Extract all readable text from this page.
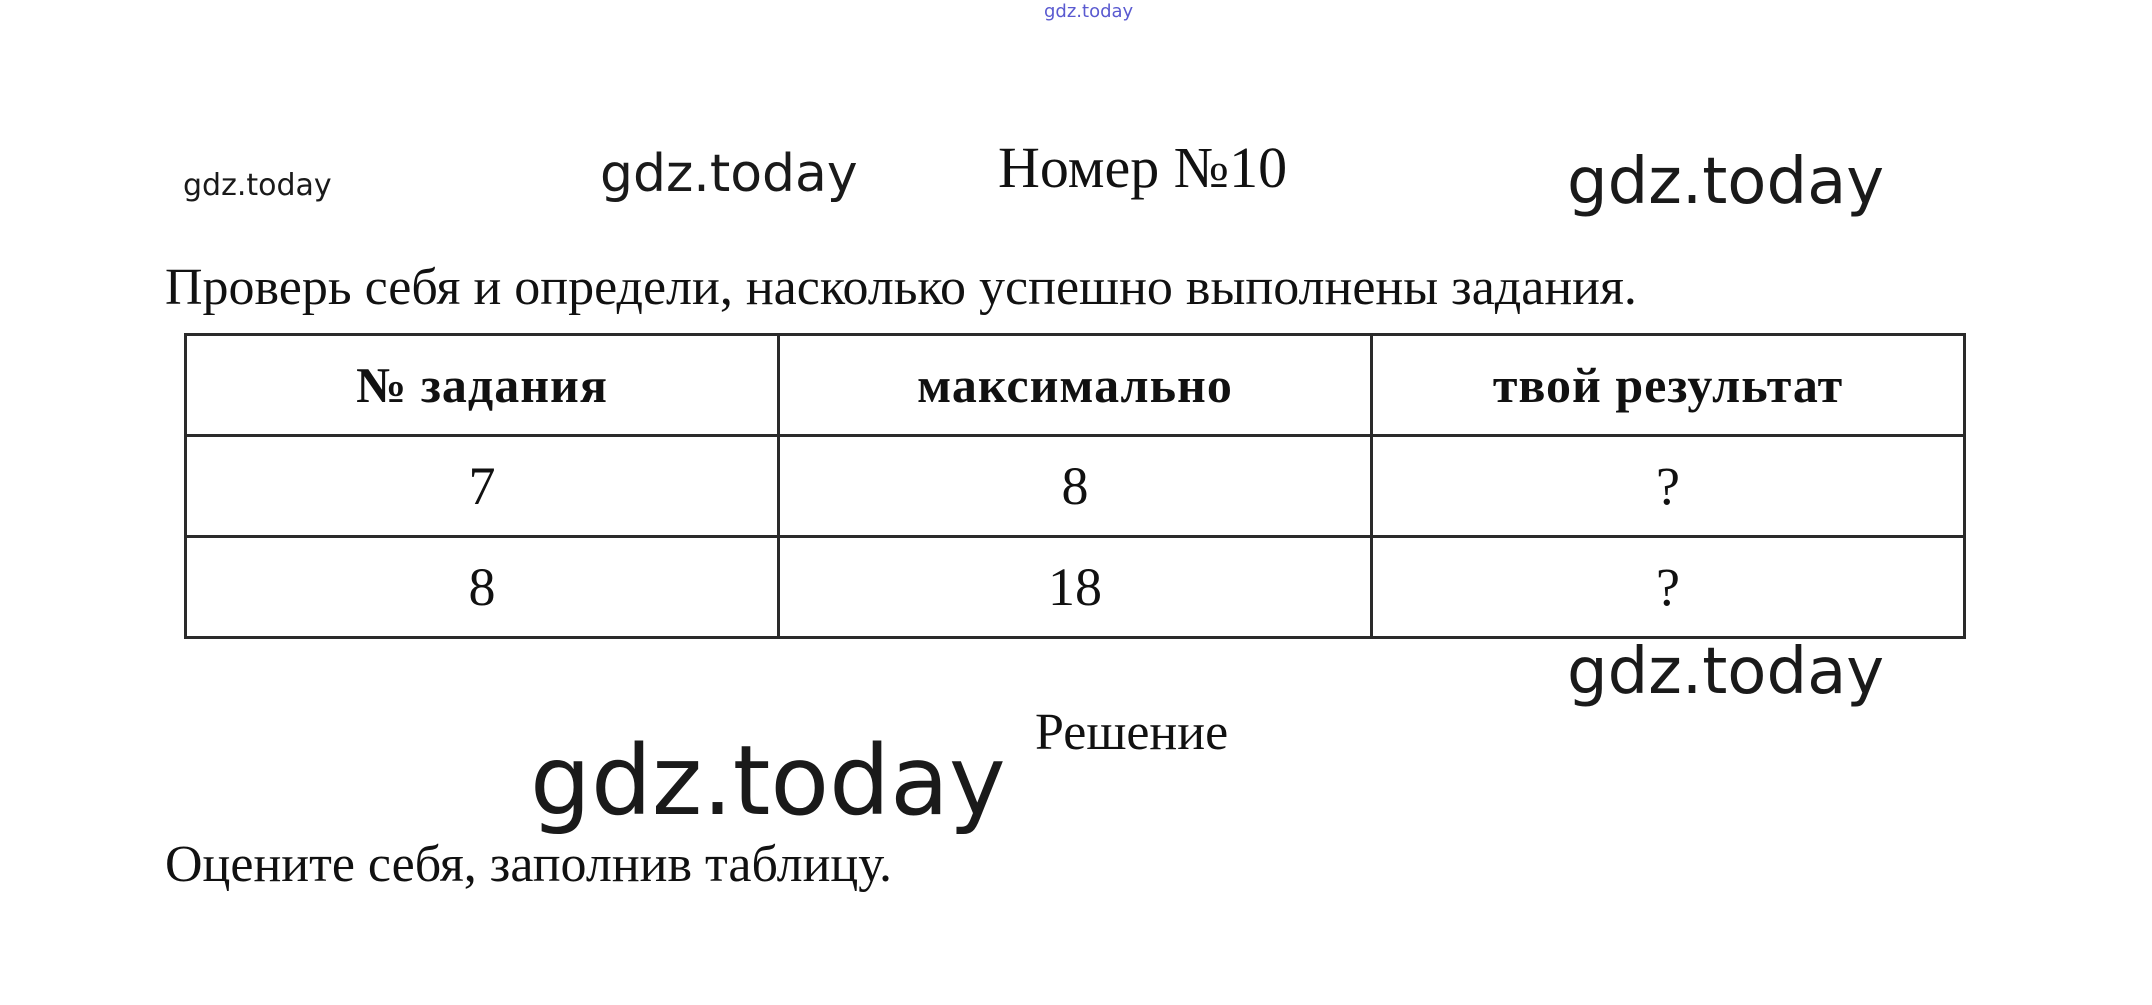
gdz.today
gdz.today	gdz.today Номер №10	gdz.today
Проверь себя и определи, насколько успешно выполнены задания.
№ задания	максимально	твой результат
7	8	?
8	18	?
gdz.today
Решение
gdz.today
Оцените себя, заполнив таблицу.
